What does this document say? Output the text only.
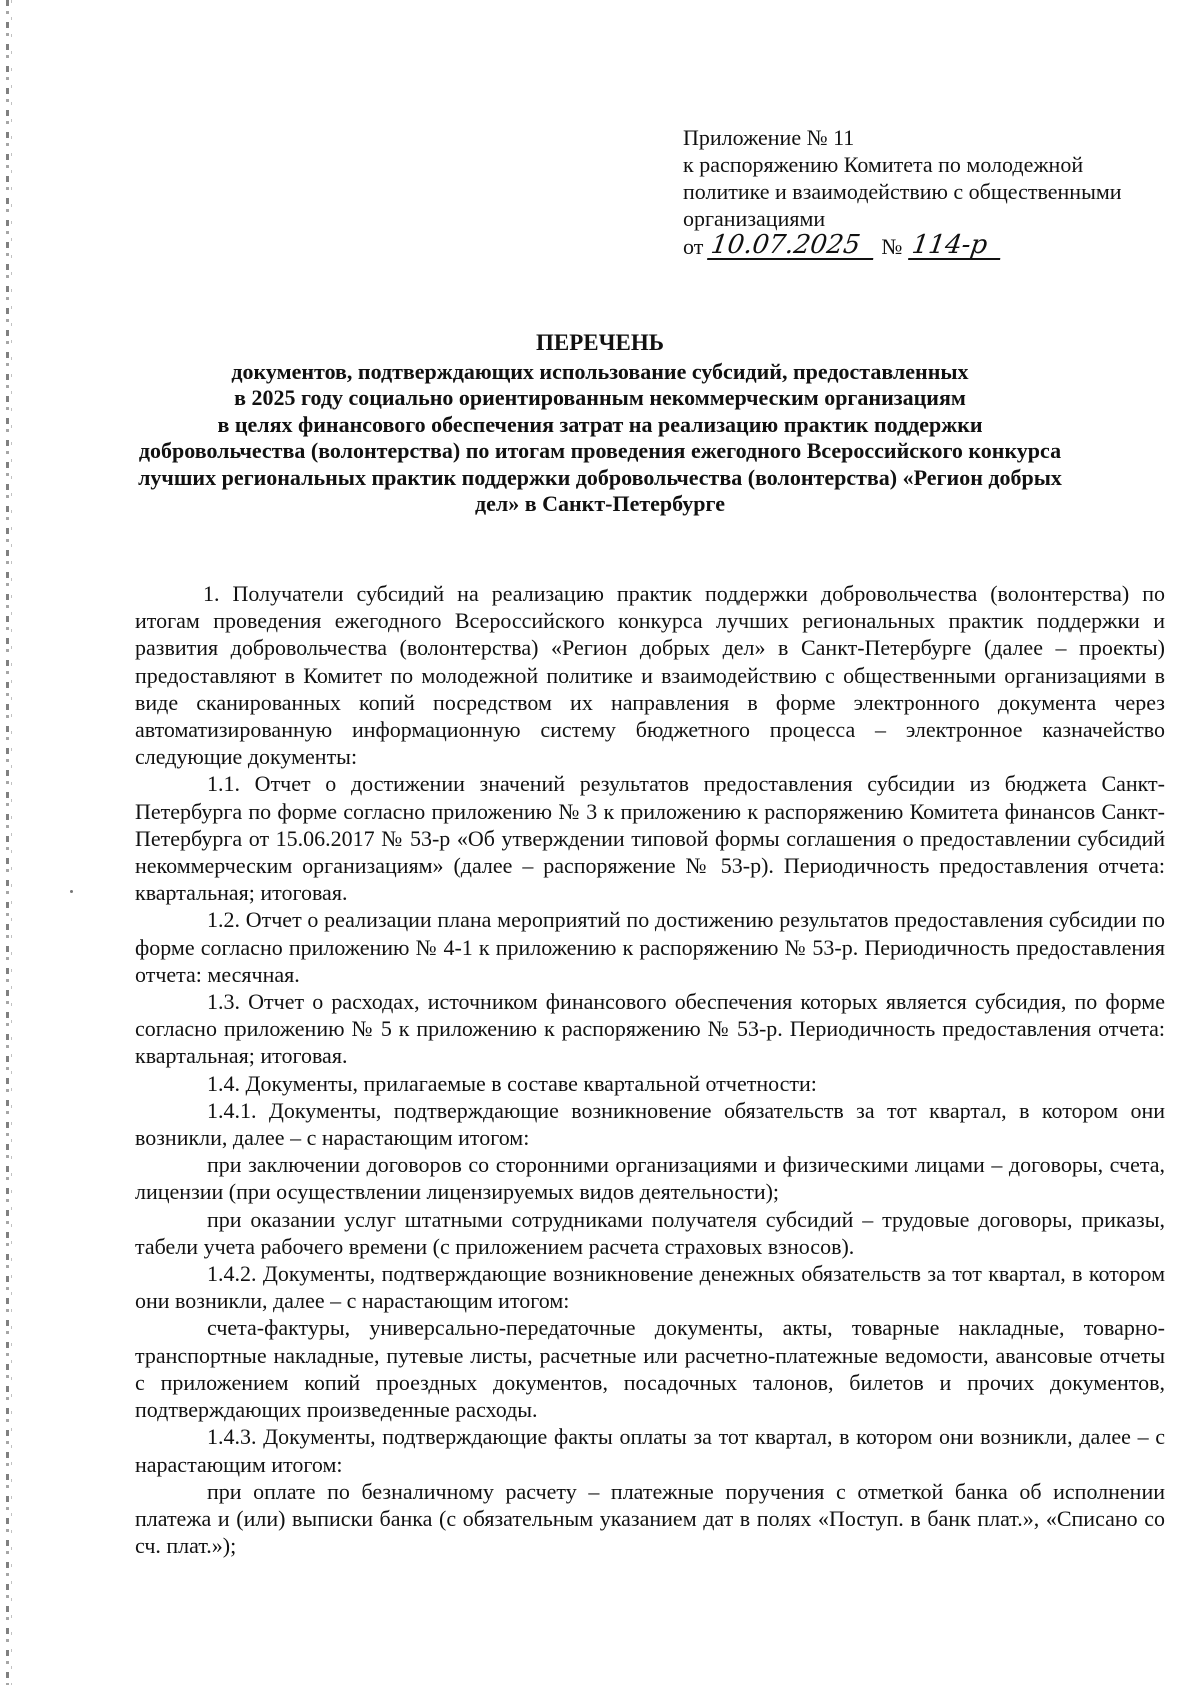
Приложение № 11
к распоряжению Комитета по молодежной
политике и взаимодействию с общественными
организациями
от 10.07.2025 № 114-р
ПЕРЕЧЕНЬ
документов, подтверждающих использование субсидий, предоставленных
в 2025 году социально ориентированным некоммерческим организациям
в целях финансового обеспечения затрат на реализацию практик поддержки
добровольчества (волонтерства) по итогам проведения ежегодного Всероссийского конкурса
лучших региональных практик поддержки добровольчества (волонтерства) «Регион добрых
дел» в Санкт-Петербурге

1. Получатели субсидий на реализацию практик поддержки добровольчества (волонтерства) по итогам проведения ежегодного Всероссийского конкурса лучших региональных практик поддержки и развития добровольчества (волонтерства) «Регион добрых дел» в Санкт-Петербурге (далее – проекты) предоставляют в Комитет по молодежной политике и взаимодействию с общественными организациями в виде сканированных копий посредством их направления в форме электронного документа через автоматизированную информационную систему бюджетного процесса – электронное казначейство следующие документы:

1.1. Отчет о достижении значений результатов предоставления субсидии из бюджета Санкт-Петербурга по форме согласно приложению № 3 к приложению к распоряжению Комитета финансов Санкт-Петербурга от 15.06.2017 № 53-р «Об утверждении типовой формы соглашения о предоставлении субсидий некоммерческим организациям» (далее – распоряжение № 53-р). Периодичность предоставления отчета: квартальная; итоговая.

1.2. Отчет о реализации плана мероприятий по достижению результатов предоставления субсидии по форме согласно приложению № 4-1 к приложению к распоряжению № 53-р. Периодичность предоставления отчета: месячная.

1.3. Отчет о расходах, источником финансового обеспечения которых является субсидия, по форме согласно приложению № 5 к приложению к распоряжению № 53-р. Периодичность предоставления отчета: квартальная; итоговая.

1.4. Документы, прилагаемые в составе квартальной отчетности:

1.4.1. Документы, подтверждающие возникновение обязательств за тот квартал, в котором они возникли, далее – с нарастающим итогом:

при заключении договоров со сторонними организациями и физическими лицами – договоры, счета, лицензии (при осуществлении лицензируемых видов деятельности);

при оказании услуг штатными сотрудниками получателя субсидий – трудовые договоры, приказы, табели учета рабочего времени (с приложением расчета страховых взносов).

1.4.2. Документы, подтверждающие возникновение денежных обязательств за тот квартал, в котором они возникли, далее – с нарастающим итогом:

счета-фактуры, универсально-передаточные документы, акты, товарные накладные, товарно-транспортные накладные, путевые листы, расчетные или расчетно-платежные ведомости, авансовые отчеты с приложением копий проездных документов, посадочных талонов, билетов и прочих документов, подтверждающих произведенные расходы.

1.4.3. Документы, подтверждающие факты оплаты за тот квартал, в котором они возникли, далее – с нарастающим итогом:

при оплате по безналичному расчету – платежные поручения с отметкой банка об исполнении платежа и (или) выписки банка (с обязательным указанием дат в полях «Поступ. в банк плат.», «Списано со сч. плат.»);
